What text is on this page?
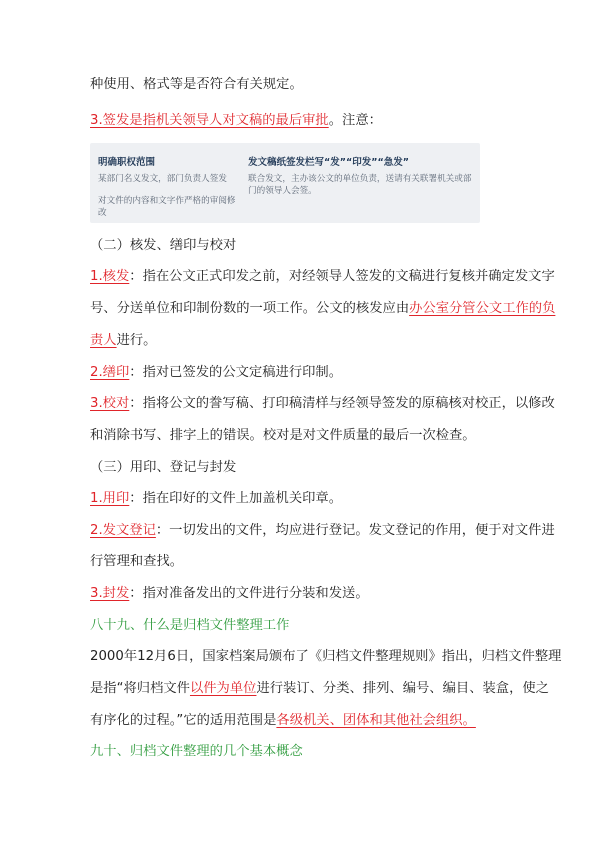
种使用、格式等是否符合有关规定。
3.签发是指机关领导人对文稿的最后审批。注意：
明确职权范围	发文稿纸签发栏写“发”“印发”“急发”
某部门名义发文，部门负责人签发
对文件的内容和文字作严格的审阅修
改
联合发文，主办该公文的单位负责，送请有关联署机关或部
门的领导人会签。
（二）核发、缮印与校对
1.核发：指在公文正式印发之前，对经领导人签发的文稿进行复核并确定发文字
号、分送单位和印制份数的一项工作。公文的核发应由办公室分管公文工作的负
责人进行。
2.缮印：指对已签发的公文定稿进行印制。
3.校对：指将公文的誊写稿、打印稿清样与经领导签发的原稿核对校正，以修改
和消除书写、排字上的错误。校对是对文件质量的最后一次检查。
（三）用印、登记与封发
1.用印：指在印好的文件上加盖机关印章。
2.发文登记：一切发出的文件，均应进行登记。发文登记的作用，便于对文件进
行管理和查找。
3.封发：指对准备发出的文件进行分装和发送。
八十九、什么是归档文件整理工作
2000年12月6日，国家档案局颁布了《归档文件整理规则》指出，归档文件整理
是指“将归档文件以件为单位进行装订、分类、排列、编号、编目、装盒，使之
有序化的过程。”它的适用范围是各级机关、团体和其他社会组织。
九十、归档文件整理的几个基本概念
